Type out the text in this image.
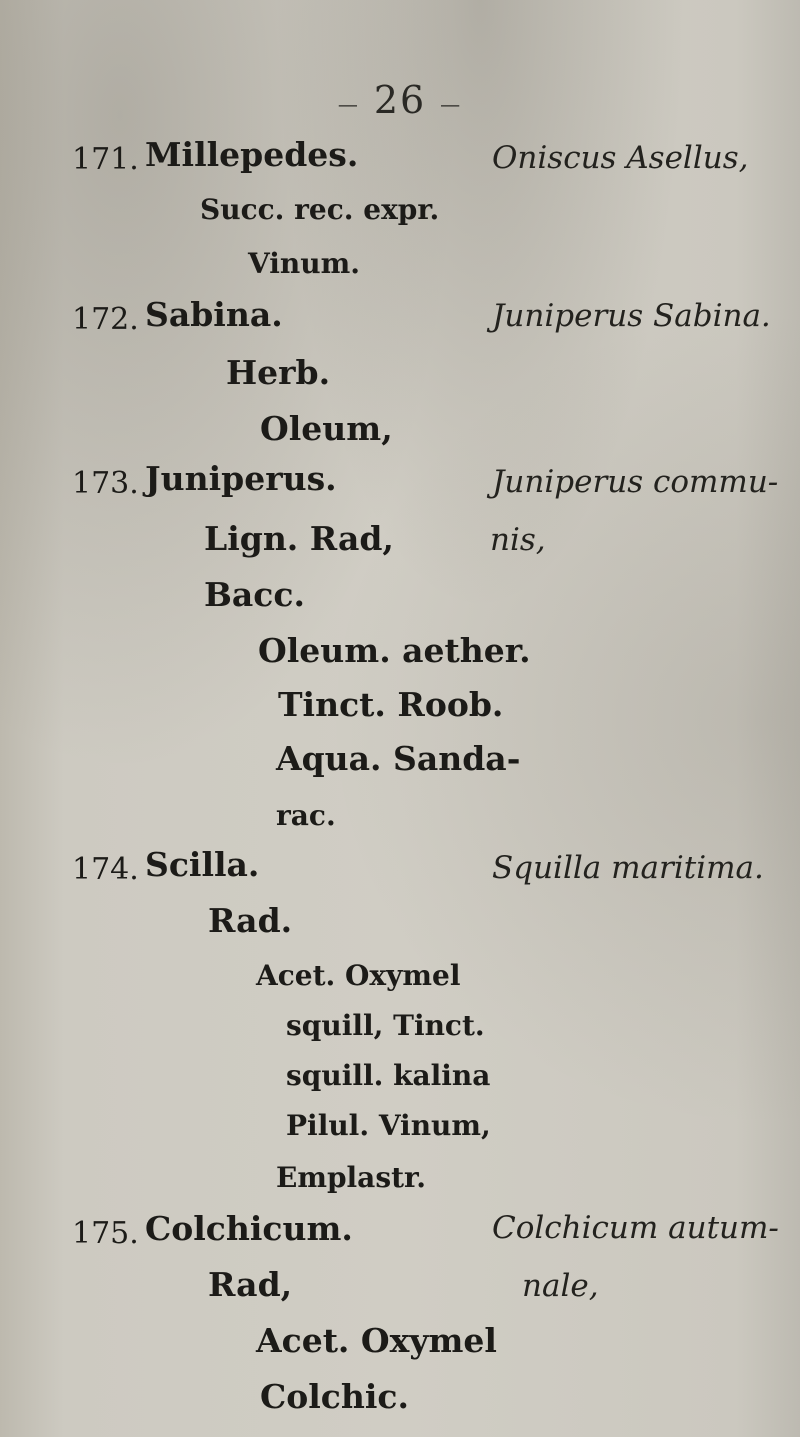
— 26 —
171. Millepedes.
Succ. rec. expr.
Vinum.
Oniscus Asellus,
172. Sabina.
Herb.
Oleum,
Juniperus Sabina.
173. Juniperus.
Lign. Rad,
Bacc.
Oleum. aether.
Tinct. Roob.
Aqua. Sanda-
rac.
Juniperus commu-
nis,
174. Scilla.
Rad.
Acet. Oxymel
squill, Tinct.
squill. kalina
Pilul. Vinum,
Emplastr.
Squilla maritima.
175. Colchicum.
Rad,
Acet. Oxymel
Colchic.
Colchicum autum-
nale,
